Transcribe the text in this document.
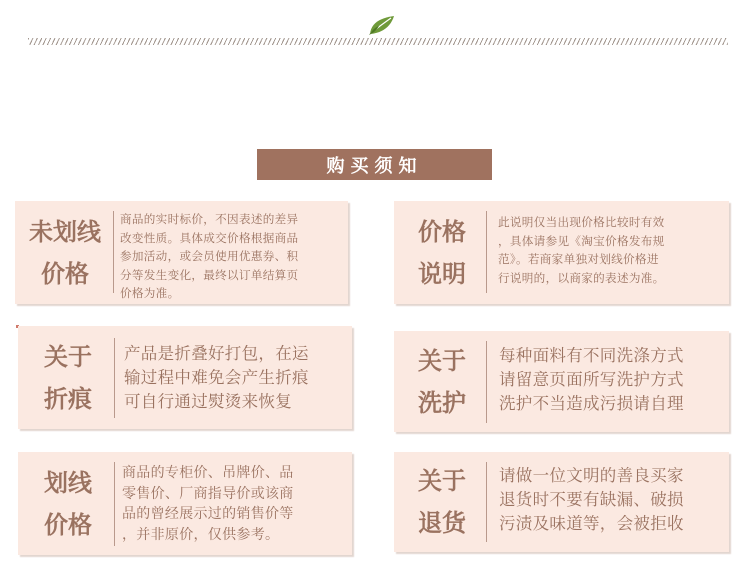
购买须知
未划线
价格
商品的实时标价，不因表述的差异
改变性质。具体成交价格根据商品
参加活动，或会员使用优惠券、积
分等发生变化，最终以订单结算页
价格为准。
价格
说明
此说明仅当出现价格比较时有效
，具体请参见《淘宝价格发布规
范》。若商家单独对划线价格进
行说明的，以商家的表述为准。
关于
折痕
产品是折叠好打包，在运
输过程中难免会产生折痕
可自行通过熨烫来恢复
关于
洗护
每种面料有不同洗涤方式
请留意页面所写洗护方式
洗护不当造成污损请自理
划线
价格
商品的专柜价、吊牌价、品
零售价、厂商指导价或该商
品的曾经展示过的销售价等
，并非原价，仅供参考。
关于
退货
请做一位文明的善良买家
退货时不要有缺漏、破损
污渍及味道等，会被拒收
